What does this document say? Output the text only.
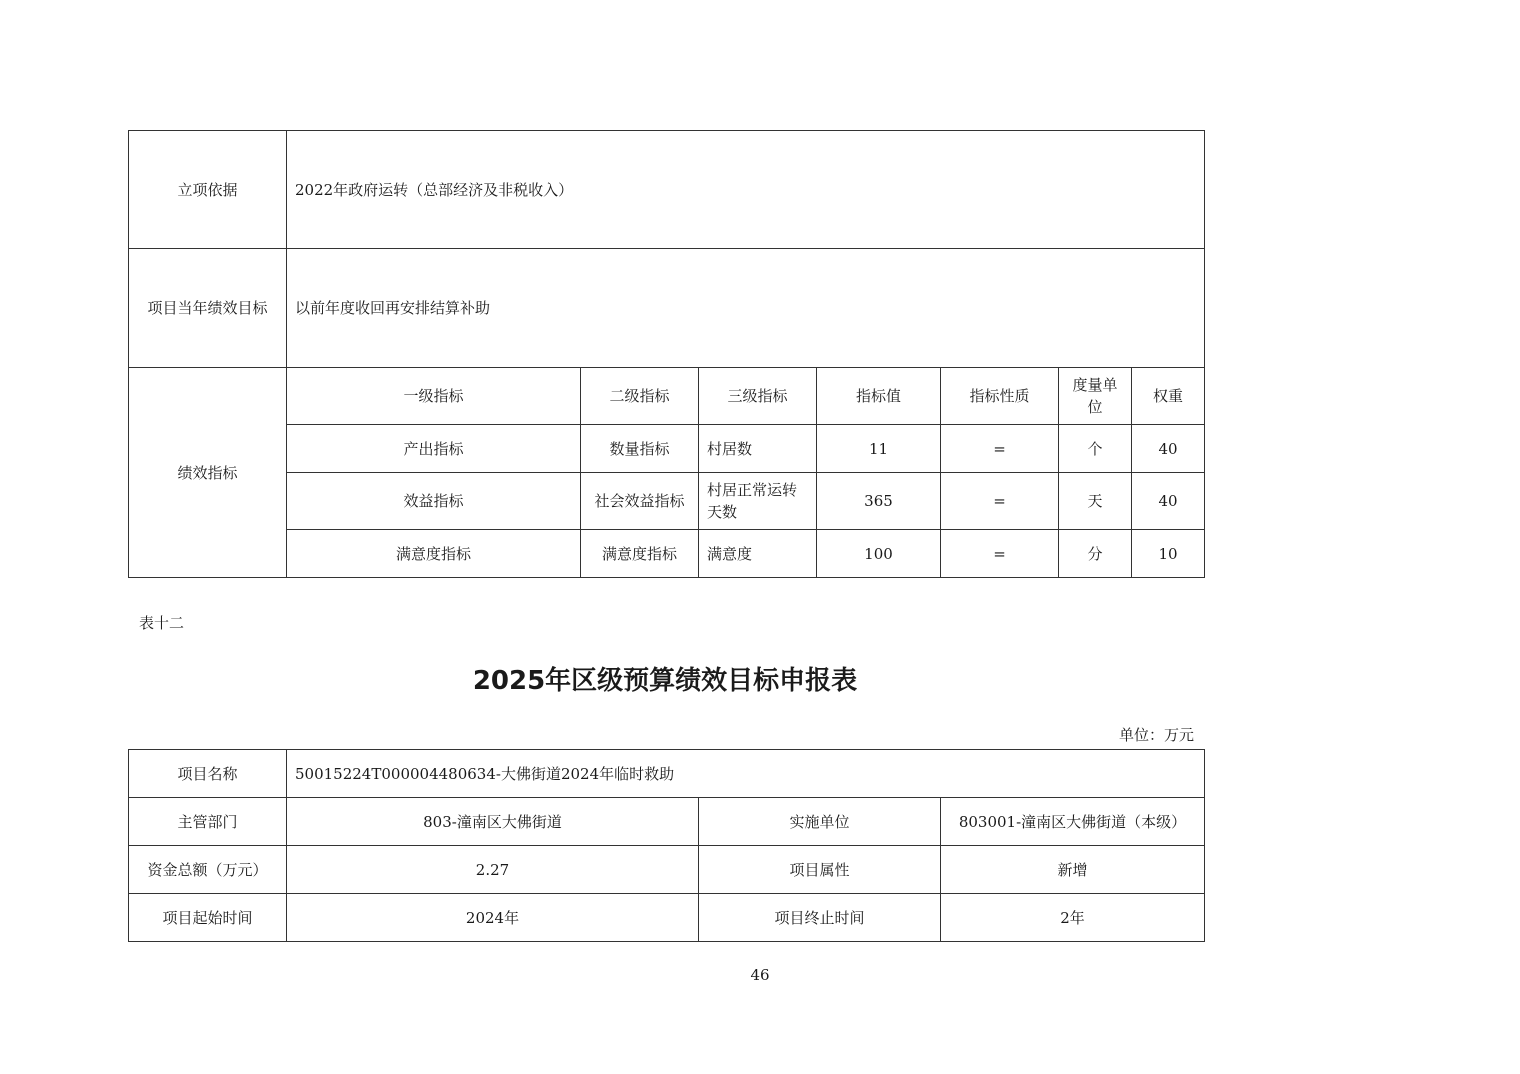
立项依据	2022年政府运转（总部经济及非税收入）						
项目当年绩效目标	以前年度收回再安排结算补助						
绩效指标	一级指标	二级指标	三级指标	指标值	指标性质	度量单位	权重
	产出指标	数量指标	村居数	11	=	个	40
	效益指标	社会效益指标	村居正常运转天数	365	=	天	40
	满意度指标	满意度指标	满意度	100	=	分	10
表十二
2025年区级预算绩效目标申报表
单位：万元
项目名称	50015224T000004480634-大佛街道2024年临时救助		
主管部门	803-潼南区大佛街道	实施单位	803001-潼南区大佛街道（本级）
资金总额（万元）	2.27	项目属性	新增
项目起始时间	2024年	项目终止时间	2年
46
